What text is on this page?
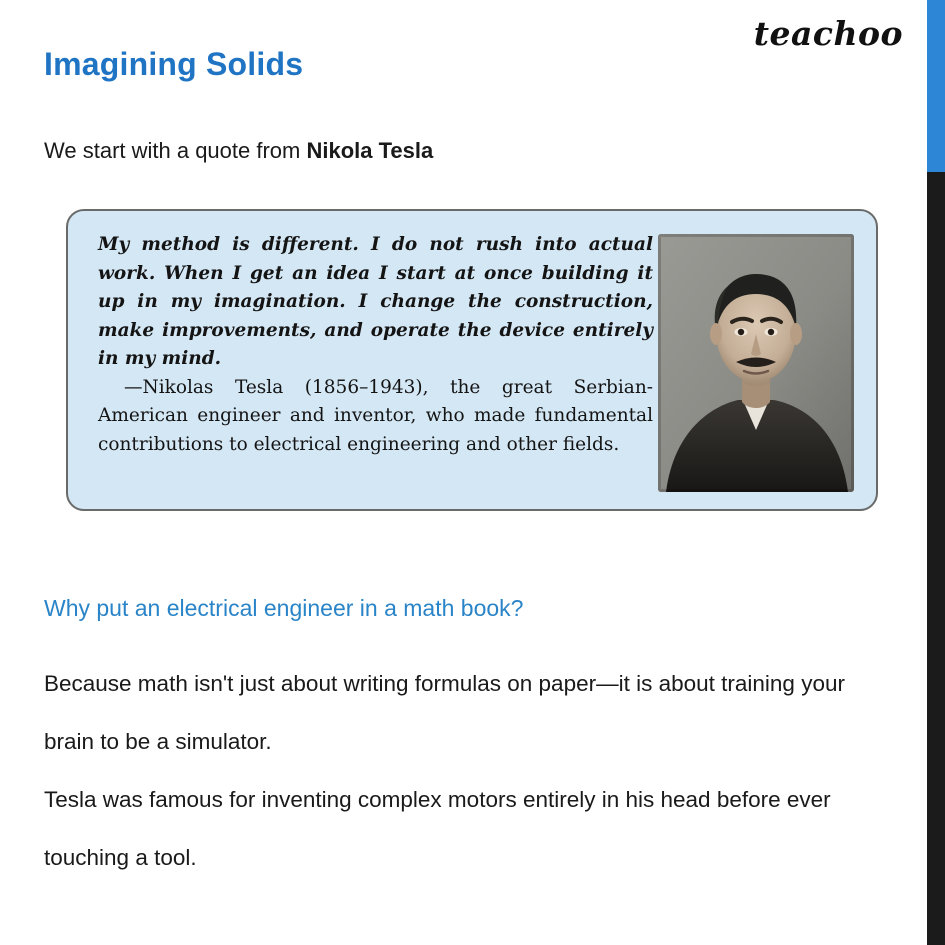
teachoo
Imagining Solids
We start with a quote from Nikola Tesla

My method is different. I do not rush into actual work. When I get an idea I start at once building it up in my imagination. I change the construction, make improvements, and operate the device entirely in my mind.

—Nikolas Tesla (1856–1943), the great Serbian-American engineer and inventor, who made fundamental contributions to electrical engineering and other fields.

Why put an electrical engineer in a math book?
Because math isn't just about writing formulas on paper—it is about training your brain to be a simulator.
Tesla was famous for inventing complex motors entirely in his head before ever touching a tool.
